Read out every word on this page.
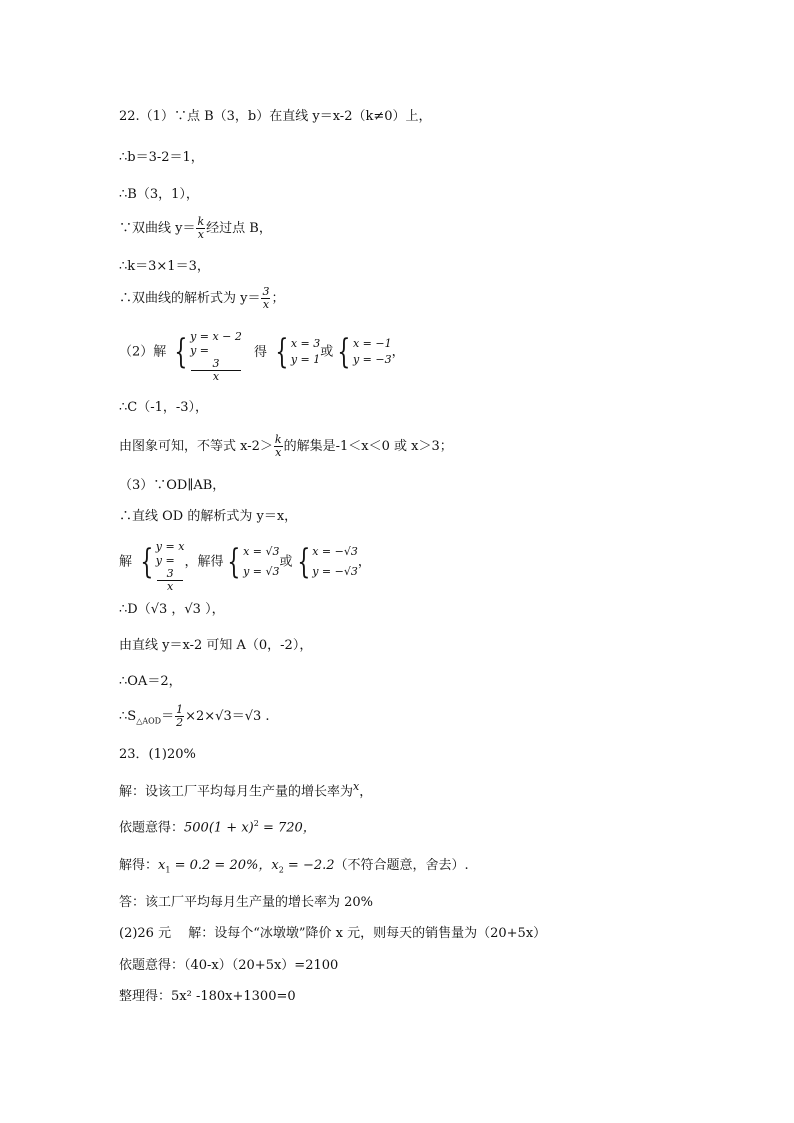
22.（1）∵点 B（3，b）在直线 y＝x-2（k≠0）上，
∴b＝3-2＝1，
∴B（3，1），
∵双曲线 $y= \frac{k}{x}$ 经过点 B，
∴k＝3×1＝3，
∴双曲线的解析式为 $y= \frac{3}{x}$ ；
（2）解 { y = x − 2
y =
3
x
得 { x = 3
y = 1 或 { x = −1
y = −3 ，
∴C（-1，-3），
由图象可知，不等式 $x-2> \frac{k}{x}$ 的解集是-1＜x＜0 或 x＞3；
（3）∵OD∥AB，
∴直线 OD 的解析式为 y＝x，
解 { y = x
y =
3
x
，解得 { x = √3
y = √3
或 { x = −√3
y = −√3
，
∴D（√3 ，√3 ），
由直线 y＝x-2 可知 A（0，-2），
∴OA＝2，
$\therefore S_{\triangle AOD}= \frac{1}{2} \times 2\times√3=√3$ .
23．(1)20%
解：设该工厂平均每月生产量的增长率为$^x$，
依题意得：$500(1 + x)^2 = 720$，
解得：$x_1 = 0.2 = 20\%$，$x_2 = -2.2$（不符合题意，舍去）.
答：该工厂平均每月生产量的增长率为 20%
(2)26 元　 解：设每个“冰墩墩”降价 x 元，则每天的销售量为（20+5x）
依题意得：（40-x）（20+5x）=2100
整理得：5x² -180x+1300=0
